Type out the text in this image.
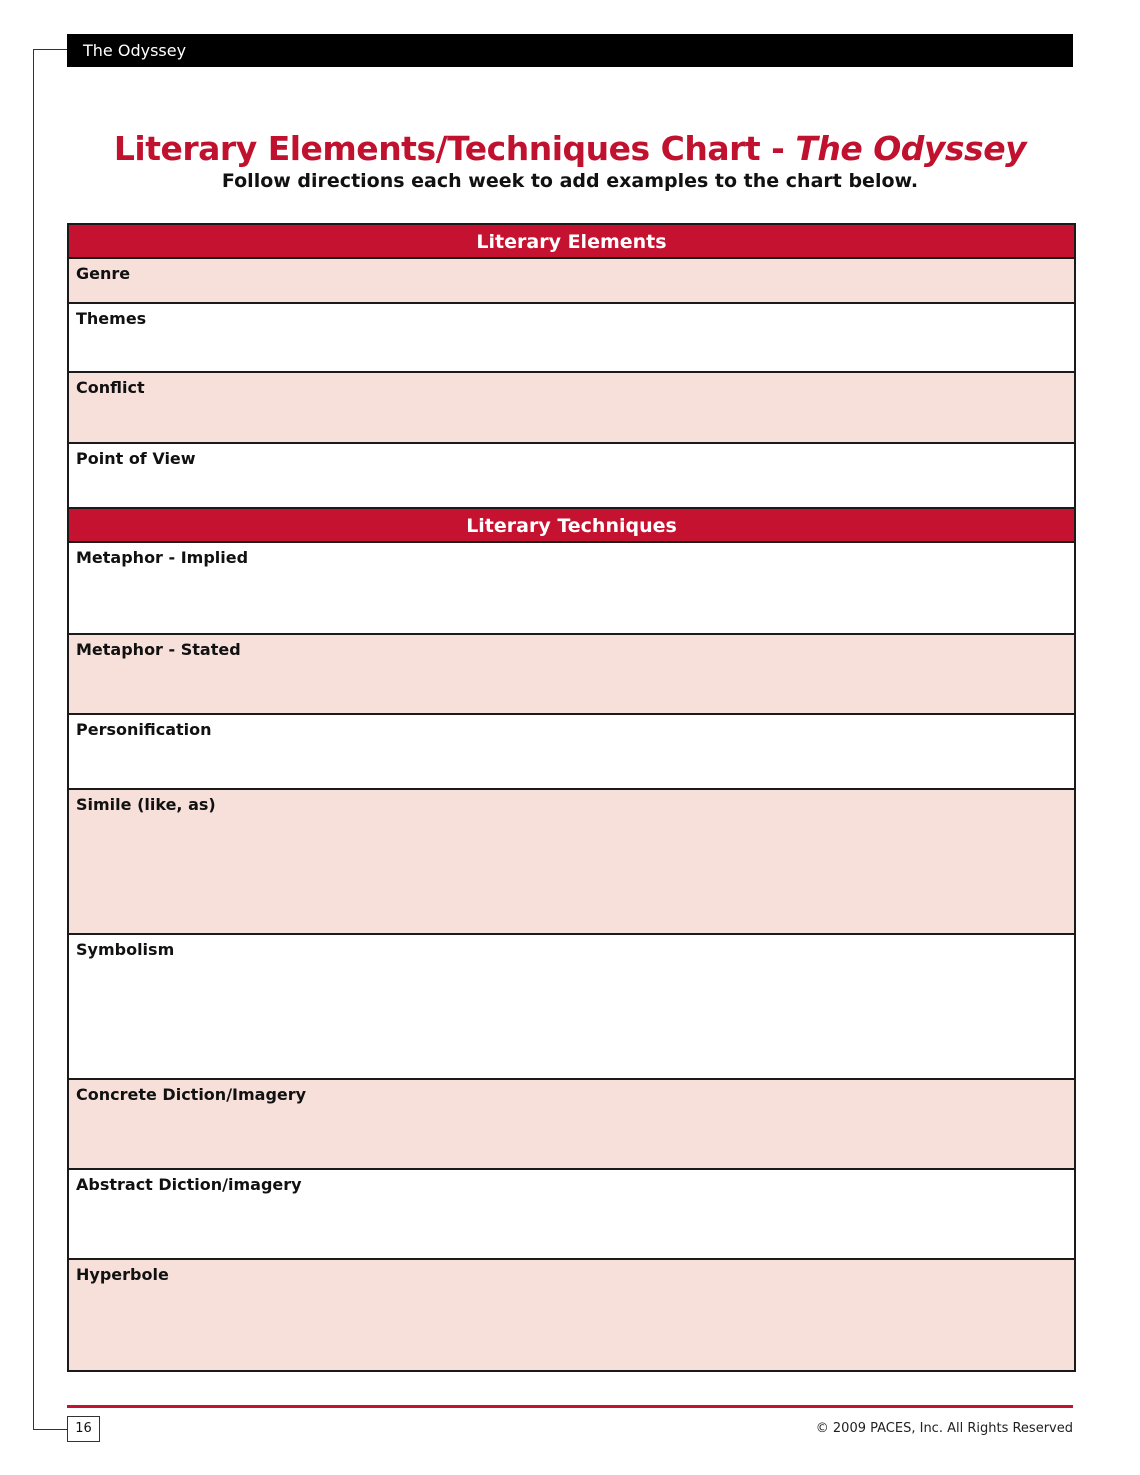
The Odyssey
Literary Elements/Techniques Chart - The Odyssey
Follow directions each week to add examples to the chart below.
Literary Elements
Genre
Themes
Conflict
Point of View
Literary Techniques
Metaphor - Implied
Metaphor - Stated
Personification
Simile (like, as)
Symbolism
Concrete Diction/Imagery
Abstract Diction/imagery
Hyperbole
16	© 2009 PACES, Inc. All Rights Reserved
